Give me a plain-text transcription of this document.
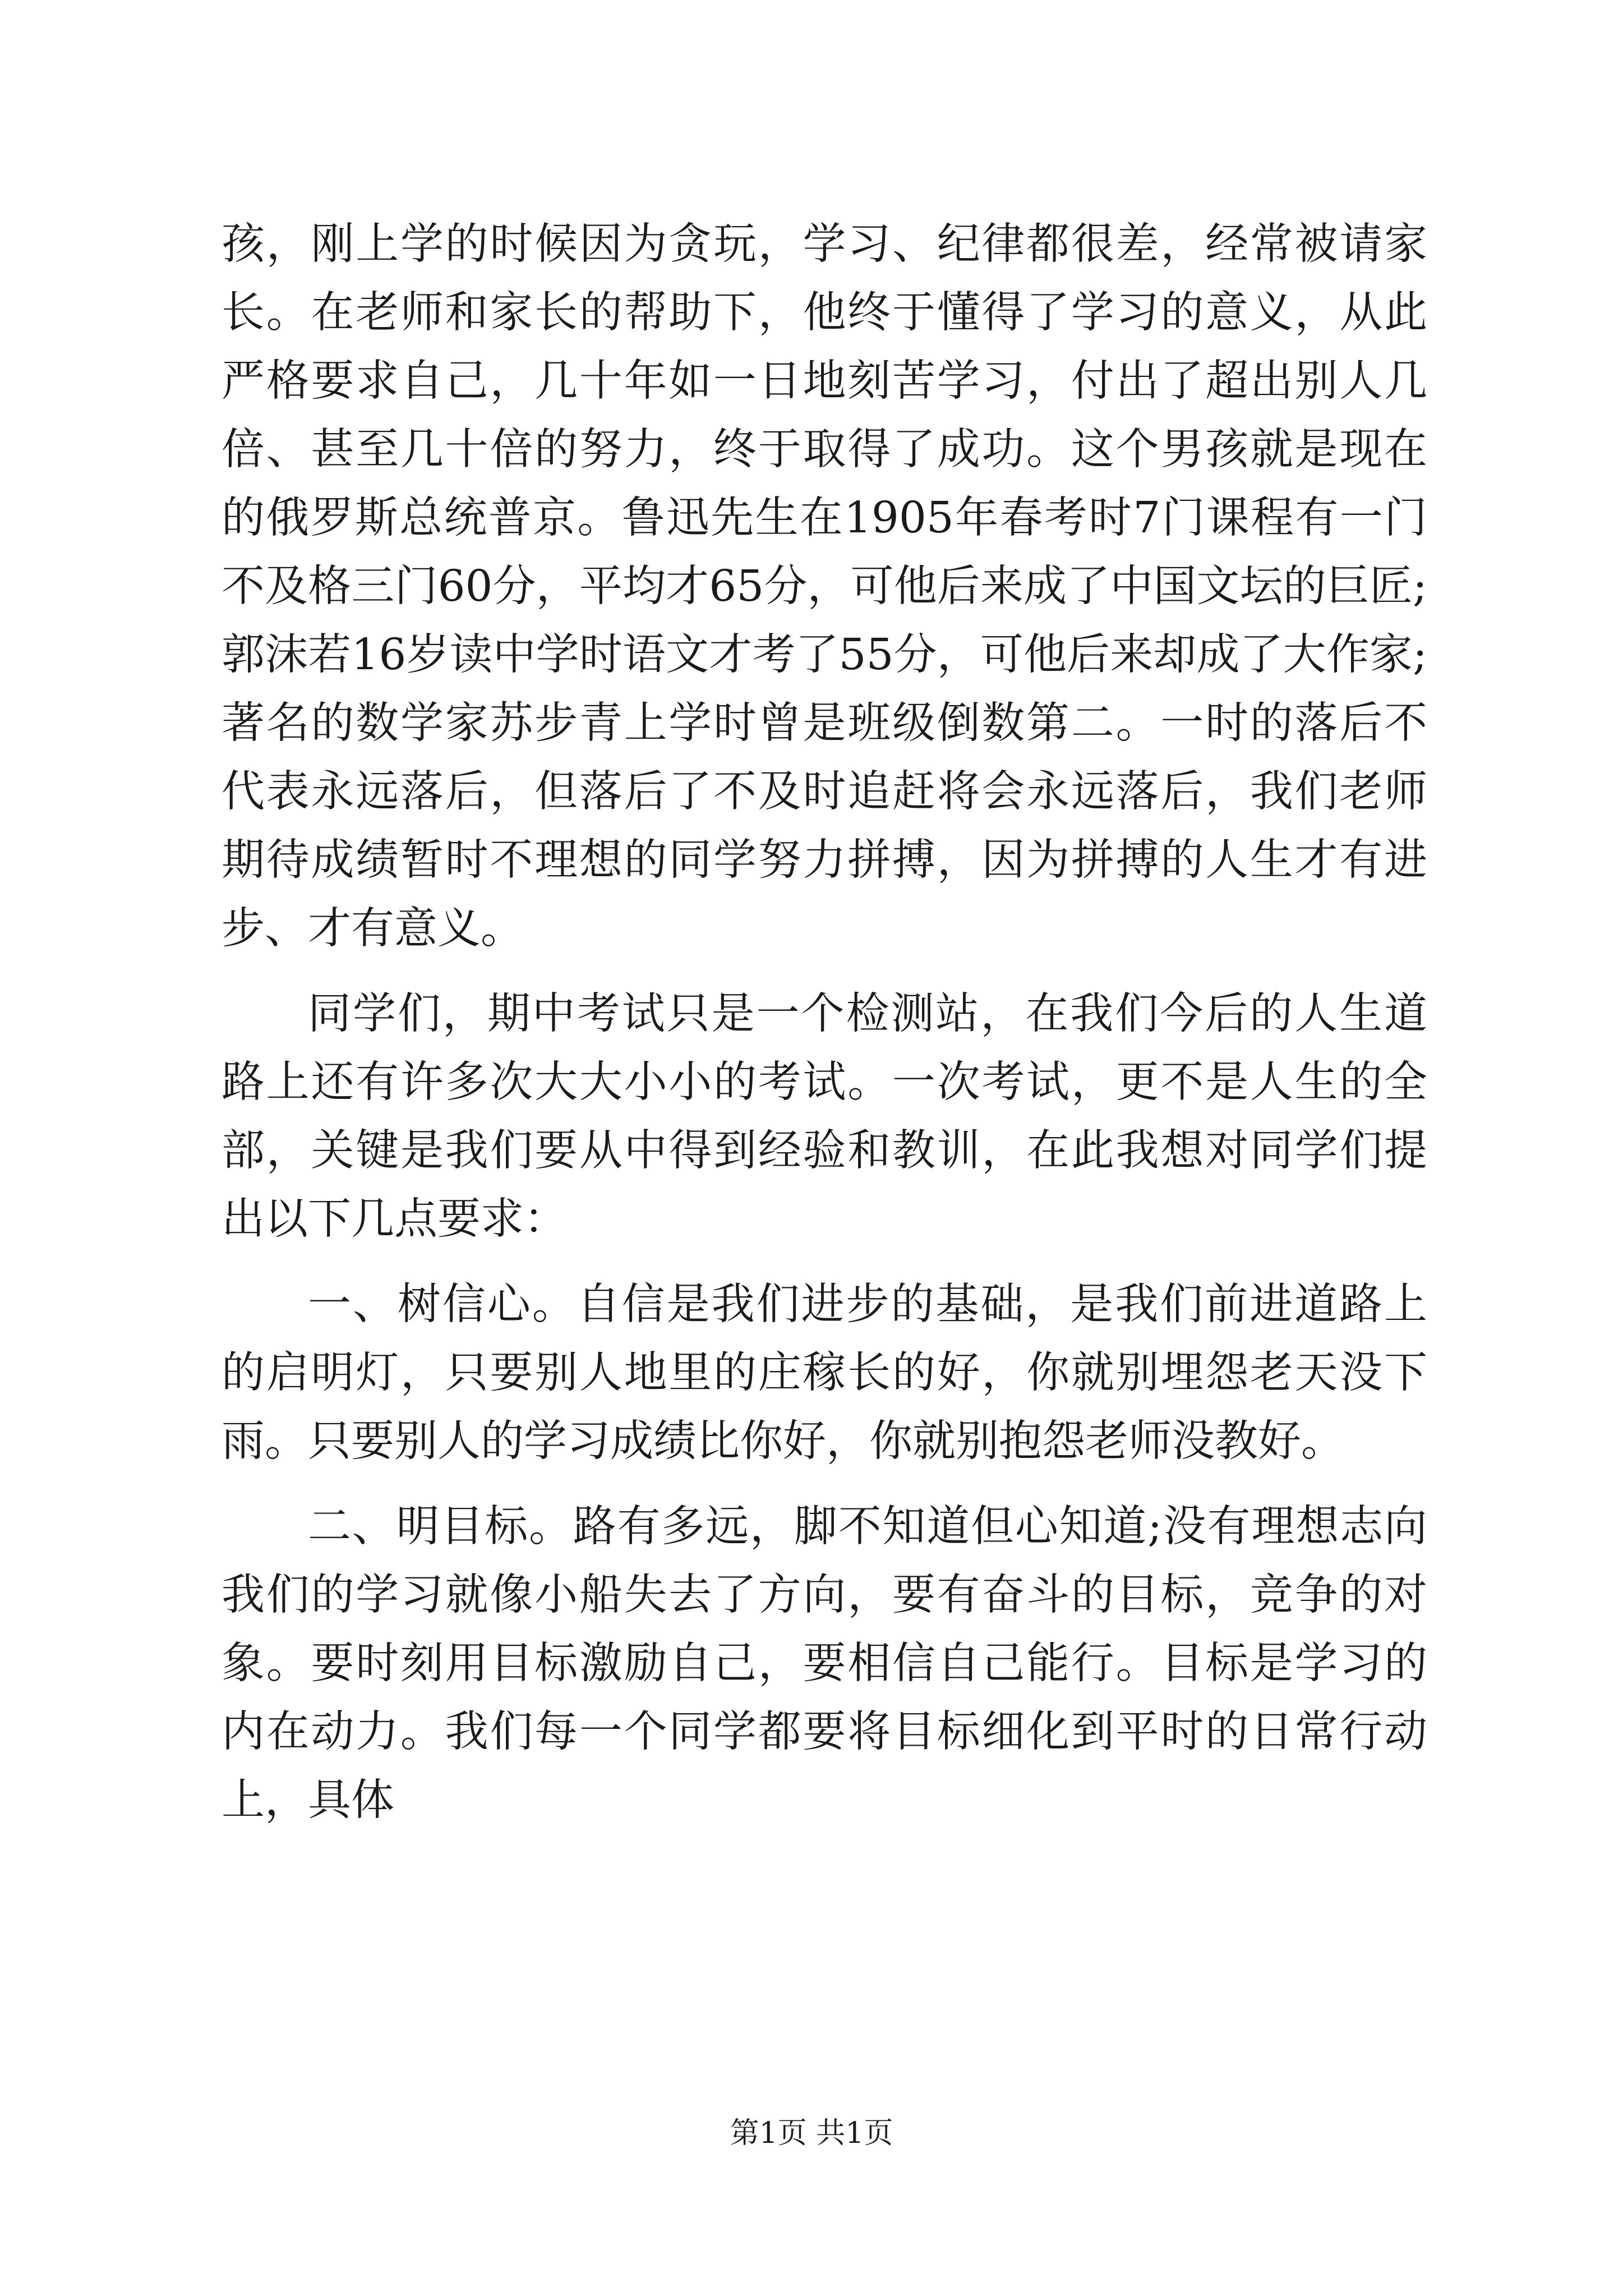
孩，刚上学的时候因为贪玩，学习、纪律都很差，经常被请家长。在老师和家长的帮助下，他终于懂得了学习的意义，从此严格要求自己，几十年如一日地刻苦学习，付出了超出别人几倍、甚至几十倍的努力，终于取得了成功。这个男孩就是现在的俄罗斯总统普京。鲁迅先生在1905年春考时7门课程有一门不及格三门60分，平均才65分，可他后来成了中国文坛的巨匠;郭沫若16岁读中学时语文才考了55分，可他后来却成了大作家;著名的数学家苏步青上学时曾是班级倒数第二。一时的落后不代表永远落后，但落后了不及时追赶将会永远落后，我们老师期待成绩暂时不理想的同学努力拼搏，因为拼搏的人生才有进步、才有意义。

同学们，期中考试只是一个检测站，在我们今后的人生道路上还有许多次大大小小的考试。一次考试，更不是人生的全部，关键是我们要从中得到经验和教训，在此我想对同学们提出以下几点要求：

一、树信心。自信是我们进步的基础，是我们前进道路上的启明灯，只要别人地里的庄稼长的好，你就别埋怨老天没下雨。只要别人的学习成绩比你好，你就别抱怨老师没教好。

二、明目标。路有多远，脚不知道但心知道;没有理想志向我们的学习就像小船失去了方向，要有奋斗的目标，竞争的对象。要时刻用目标激励自己，要相信自己能行。目标是学习的内在动力。我们每一个同学都要将目标细化到平时的日常行动上，具体

第1页 共1页
